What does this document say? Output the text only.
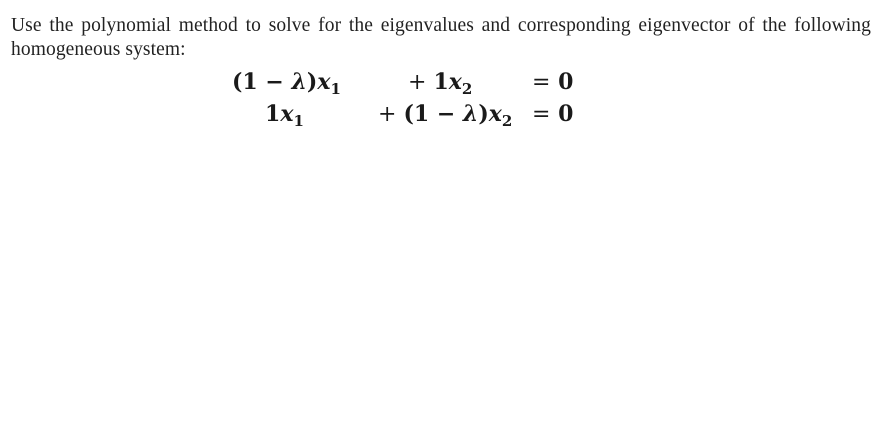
Use the polynomial method to solve for the eigenvalues and corresponding eigenvector of the following homogeneous system:
$(1 - \lambda)x_1$	+ $1x_2$	= 0
$1x_1$	+ $(1 - \lambda)x_2 = 0$
